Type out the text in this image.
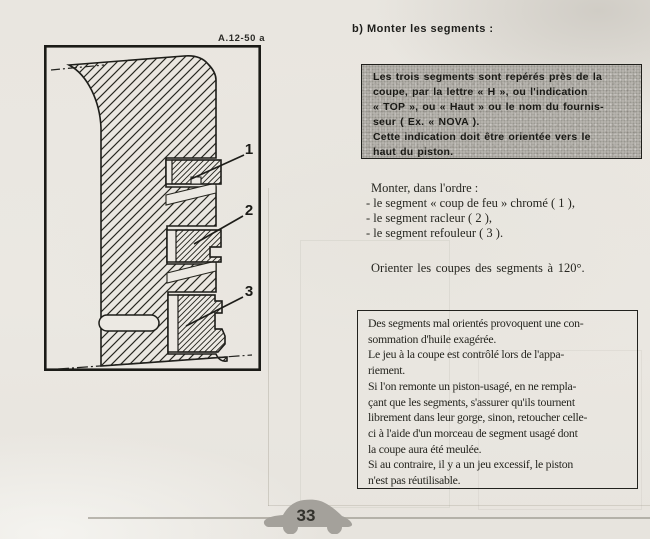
A.12-50 a
1
2
3
b) Monter les segments :
Les trois segments sont repérés près de la
coupe, par la lettre « H », ou l'indication
« TOP », ou « Haut » ou le nom du fournis-
seur ( Ex. « NOVA ).
Cette indication doit être orientée vers le
haut du piston.
Monter, dans l'ordre :
- le segment « coup de feu » chromé ( 1 ),
- le segment racleur ( 2 ),
- le segment refouleur ( 3 ).
Orienter les coupes des segments à 120°.
Des segments mal orientés provoquent une con-
sommation d'huile exagérée.
Le jeu à la coupe est contrôlé lors de l'appa-
riement.
Si l'on remonte un piston-usagé, en ne rempla-
çant que les segments, s'assurer qu'ils tournent
librement dans leur gorge, sinon, retoucher celle-
ci à l'aide d'un morceau de segment usagé dont
la coupe aura été meulée.
Si au contraire, il y a un jeu excessif, le piston
n'est pas réutilisable.
33
